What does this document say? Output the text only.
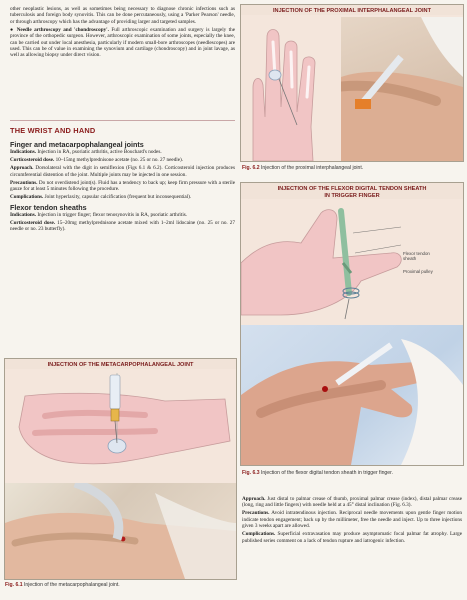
other neoplastic lesions, as well as sometimes being necessary to diagnose chronic infections such as tuberculosis and foreign body synovitis. This can be done percutaneously, using a 'Parker Pearson' needle, or through arthroscopy which has the advantage of providing larger and targeted samples.

● Needle arthroscopy and 'chondroscopy'. Full arthroscopic examination and surgery is largely the province of the orthopedic surgeon. However, arthroscopic examination of some joints, especially the knee, can be carried out under local anesthesia, particularly if modern small-bore arthroscopes (needlescopes) are used. This can be of value in examining the synovium and cartilage (chondroscopy) and in joint lavage, as well as allowing biopsy under direct vision.

THE WRIST AND HAND
Finger and metacarpophalangeal joints

Indications. Injection in RA, psoriatic arthritis, active Bouchard's nodes.

Corticosteroid dose. 10–15mg methylprednisone acetate (no. 25 or no. 27 needle).

Approach. Dorsolateral with the digit in semiflexion (Figs 6.1 & 6.2). Corticosteroid injection produces circumferential distention of the joint. Multiple joints may be injected in one session.

Precautions. Do not overdistend joint(s). Fluid has a tendency to back up; keep firm pressure with a sterile gauze for at least 5 minutes following the procedure.

Complications. Joint hyperlaxity, capsular calcification (frequent but inconsequential).

Flexor tendon sheaths

Indications. Injection in trigger finger; flexor tenosynovitis in RA, psoriatic arthritis.

Corticosteroid dose. 15–20mg methylprednisone acetate mixed with 1–2ml lidocaine (no. 25 or no. 27 needle or no. 23 butterfly).

INJECTION OF THE METACARPOPHALANGEAL JOINT
Fig. 6.1 Injection of the metacarpophalangeal joint.
INJECTION OF THE PROXIMAL INTERPHALANGEAL JOINT
Fig. 6.2 Injection of the proximal interphalangeal joint.
INJECTION OF THE FLEXOR DIGITAL TENDON SHEATH
IN TRIGGER FINGER
Flexor tendon sheath
Proximal pulley
Fig. 6.3 Injection of the flexor digital tendon sheath in trigger finger.

Approach. Just distal to palmar crease of thumb, proximal palmar crease (index), distal palmar crease (long, ring and little fingers) with needle held at a 45° distal inclination (Fig. 6.3).

Precautions. Avoid intratendinous injection. Reciprocal needle movements upon gentle finger motion indicate tendon engagement; back up by the millimeter, free the needle and inject. Up to three injections given 3 weeks apart are allowed.

Complications. Superficial extravasation may produce asymptomatic focal palmar fat atrophy. Large published series comment on a lack of tendon rupture and iatrogenic infection.
